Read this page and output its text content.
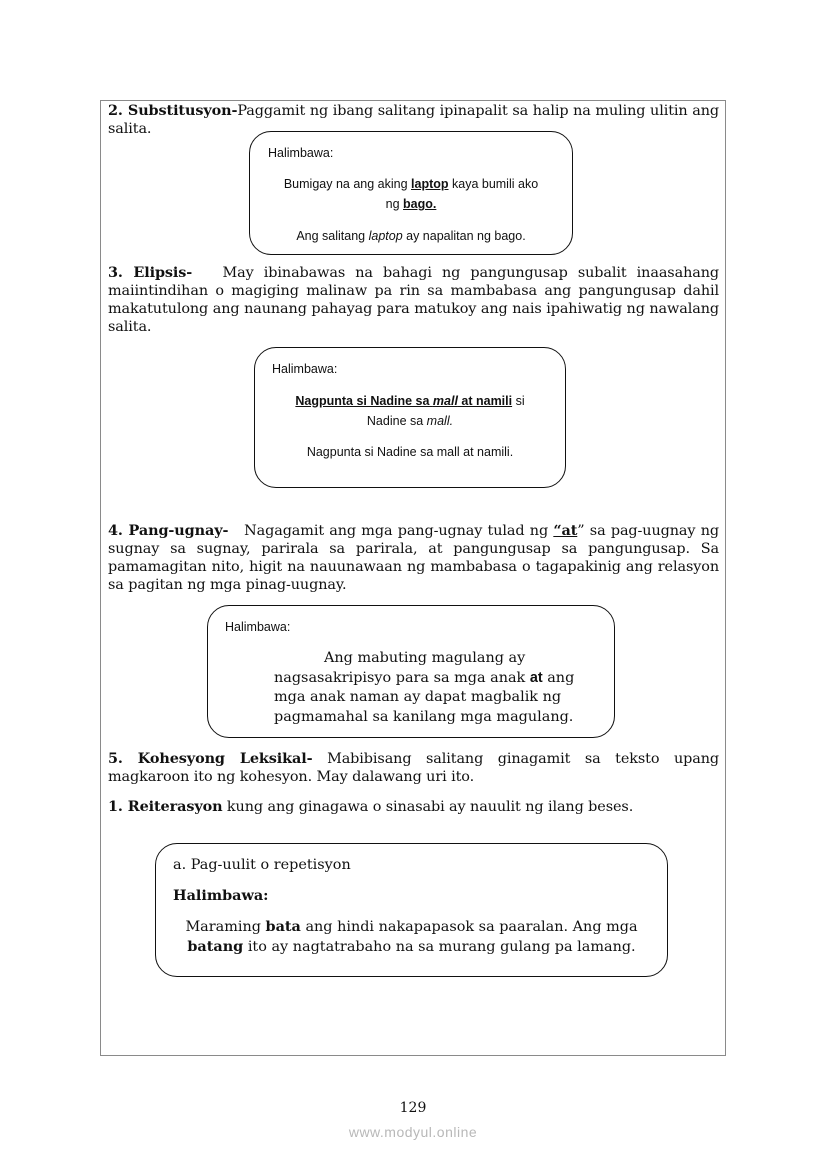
2. Substitusyon-Paggamit ng ibang salitang ipinapalit sa halip na muling ulitin ang salita.

Halimbawa:
Bumigay na ang aking laptop kaya bumili ako
ng bago.
Ang salitang laptop ay napalitan ng bago.

3. Elipsis- May ibinabawas na bahagi ng pangungusap subalit inaasahang maiintindihan o magiging malinaw pa rin sa mambabasa ang pangungusap dahil makatutulong ang naunang pahayag para matukoy ang nais ipahiwatig ng nawalang salita.

Halimbawa:
Nagpunta si Nadine sa mall at namili si
Nadine sa mall.
Nagpunta si Nadine sa mall at namili.

4. Pang-ugnay- Nagagamit ang mga pang-ugnay tulad ng “at” sa pag-uugnay ng sugnay sa sugnay, parirala sa parirala, at pangungusap sa pangungusap. Sa pamamagitan nito, higit na nauunawaan ng mambabasa o tagapakinig ang relasyon sa pagitan ng mga pinag-uugnay.

Halimbawa:
Ang mabuting magulang ay
nagsasakripisyo para sa mga anak at ang
mga anak naman ay dapat magbalik ng
pagmamahal sa kanilang mga magulang.

5. Kohesyong Leksikal- Mabibisang salitang ginagamit sa teksto upang magkaroon ito ng kohesyon. May dalawang uri ito.

1. Reiterasyon kung ang ginagawa o sinasabi ay nauulit ng ilang beses.

a. Pag-uulit o repetisyon
Halimbawa:
Maraming bata ang hindi nakapapasok sa paaralan. Ang mga
batang ito ay nagtatrabaho na sa murang gulang pa lamang.
129
www.modyul.online
